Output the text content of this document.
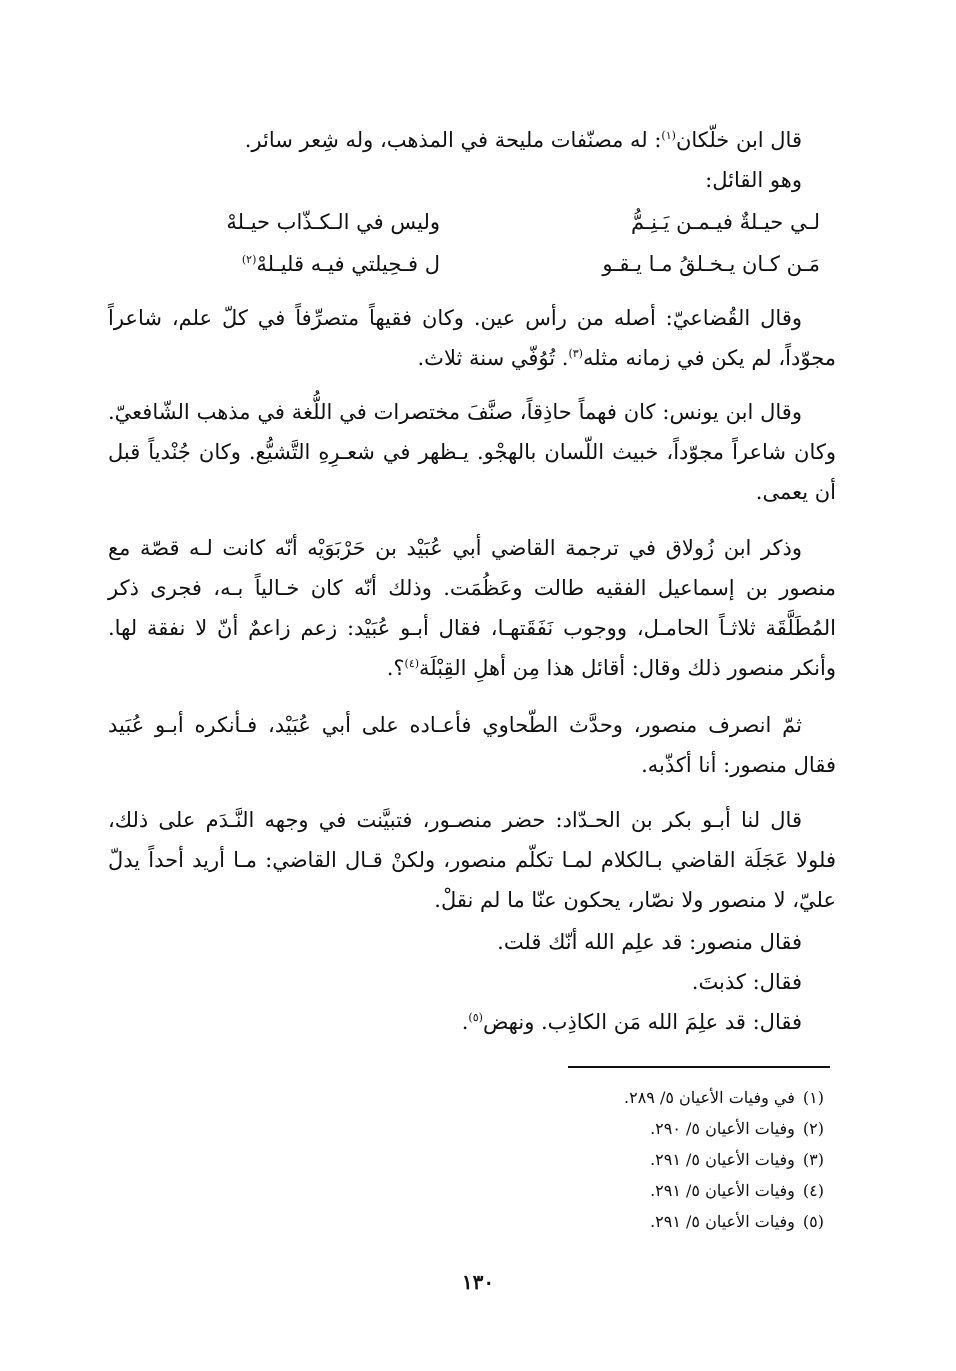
قال ابن خلّكان$^{(١)}$: له مصنّفات مليحة في المذهب، وله شِعر سائر.

وهو القائل:

لـي حيـلةٌ فيـمـن يَـنِـمُّ
وليس في الـكـذّاب حيـلهْ
مَـن كـان يـخـلقُ مـا يـقـو
ل فـحِيلتي فيـه قليـلهْ$^{(٢)}$

وقال القُضاعيّ: أصله من رأس عين. وكان فقيهاً متصرِّفاً في كلّ علم، شاعراً مجوّداً، لم يكن في زمانه مثله$^{(٣)}$. تُوُفّي سنة ثلاث.

وقال ابن يونس: كان فهماً حاذِقاً، صنَّفَ مختصرات في اللُّغة في مذهب الشّافعيّ. وكان شاعراً مجوّداً، خبيث اللّسان بالهجْو. يـظهر في شعـرِهِ التَّشيُّع. وكان جُنْدياً قبل أن يعمى.

وذكر ابن زُولاق في ترجمة القاضي أبي عُبَيْد بن حَرْبَوَيْه أنّه كانت لـه قصّة مع منصور بن إسماعيل الفقيه طالت وعَظُمَت. وذلك أنّه كان خـالياً بـه، فجرى ذكر المُطَلَّقَة ثلاثـاً الحامـل، ووجوب نَفَقَتهـا، فقال أبـو عُبَيْد: زعم زاعمٌ أنّ لا نفقة لها. وأنكر منصور ذلك وقال: أقائل هذا مِن أهلِ القِبْلَة$^{(٤)}$؟.

ثمّ انصرف منصور، وحدَّث الطّحاوي فأعـاده على أبي عُبَيْد، فـأنكره أبـو عُبَيد فقال منصور: أنا أكذّبه.

قال لنا أبـو بكر بن الحـدّاد: حضر منصـور، فتبيَّنت في وجهه النَّـدَم على ذلك، فلولا عَجَلَة القاضي بـالكلام لمـا تكلّم منصور، ولكنْ قـال القاضي: مـا أريد أحداً يدلّ عليّ، لا منصور ولا نصّار، يحكون عنّا ما لم نقلْ.

فقال منصور: قد علِم الله أنّك قلت.

فقال: كذبتَ.

فقال: قد علِمَ الله مَن الكاذِب. ونهض$^{(٥)}$.

(١)في وفيات الأعيان ٥/ ٢٨٩.
(٢)وفيات الأعيان ٥/ ٢٩٠.
(٣)وفيات الأعيان ٥/ ٢٩١.
(٤)وفيات الأعيان ٥/ ٢٩١.
(٥)وفيات الأعيان ٥/ ٢٩١.
١٣٠
